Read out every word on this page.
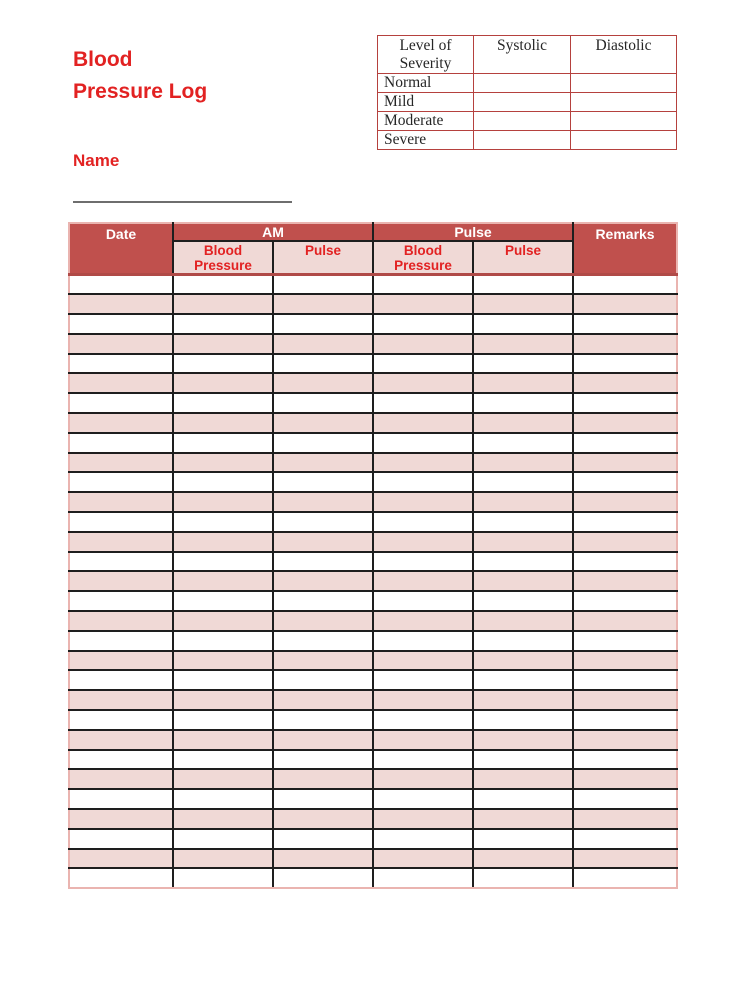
Blood Pressure Log
Level of Severity	Systolic	Diastolic
Normal		
Mild		
Moderate		
Severe		
Name
Date	AM		Pulse		Remarks
	Blood Pressure	Pulse	Blood Pressure	Pulse	
